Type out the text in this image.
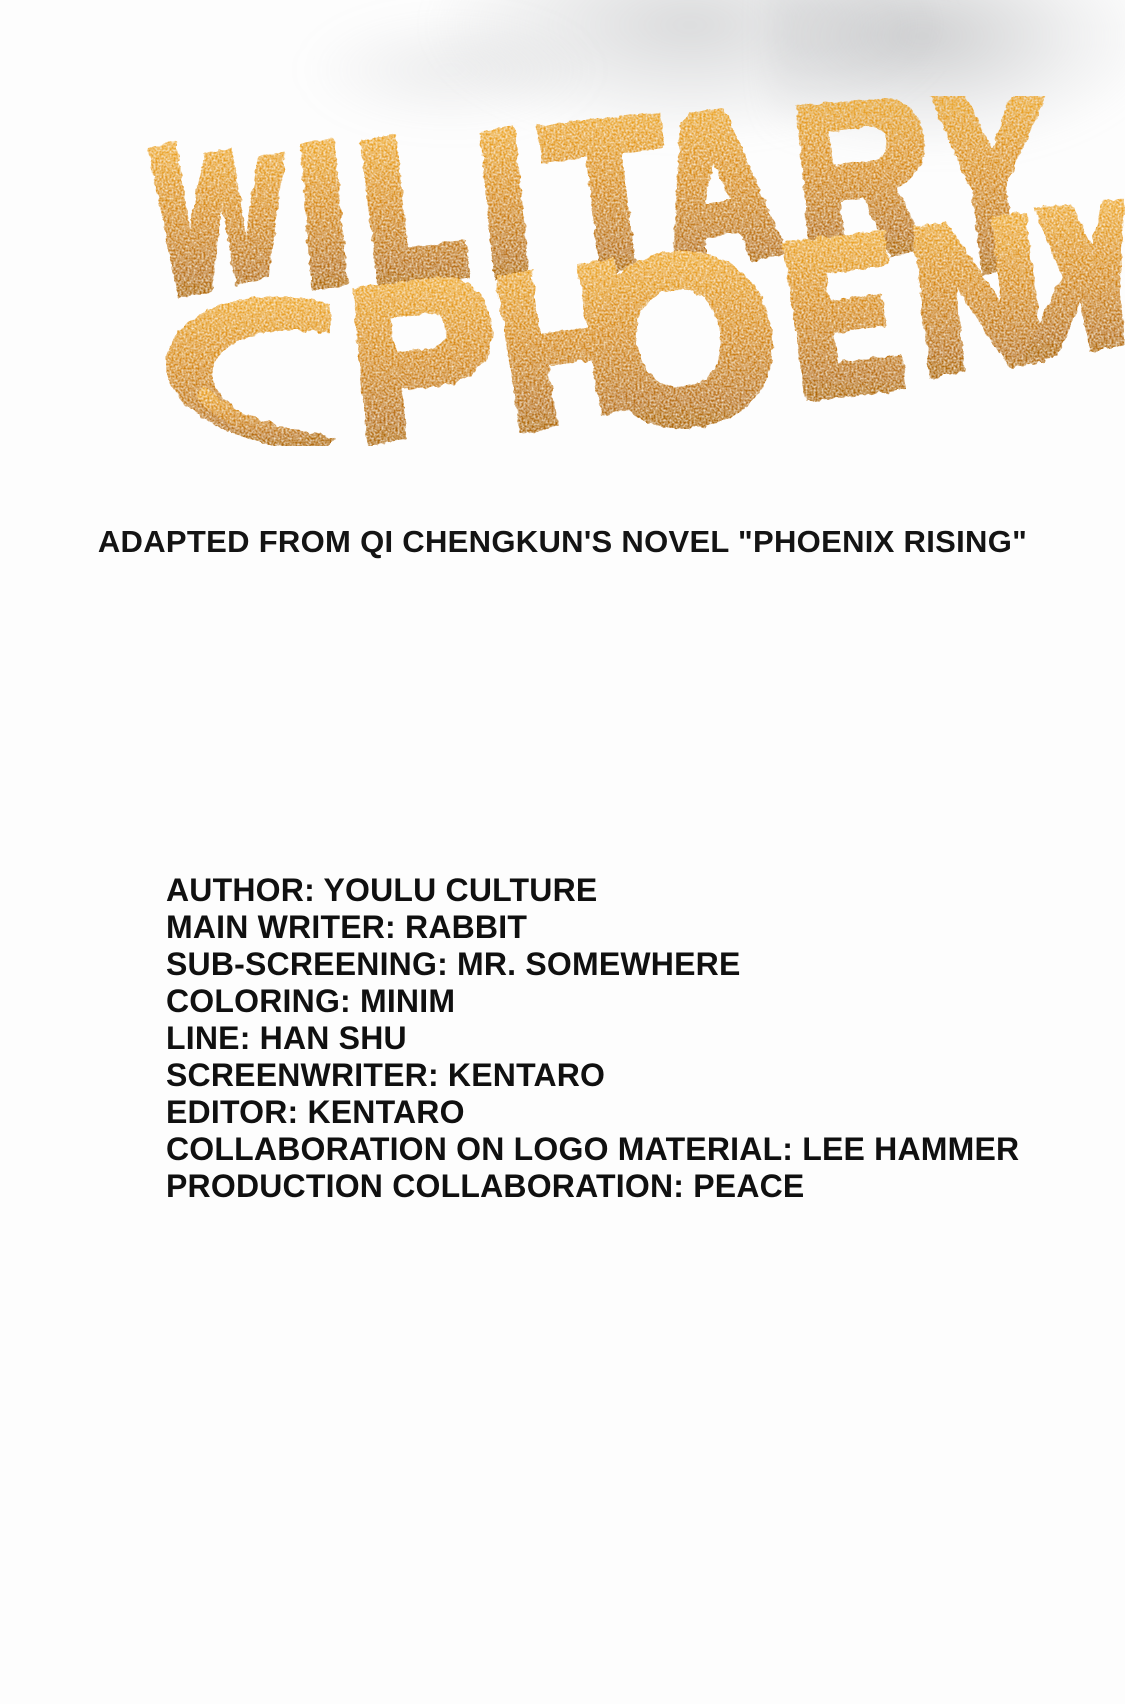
ADAPTED FROM QI CHENGKUN'S NOVEL "PHOENIX RISING"
AUTHOR: YOULU CULTURE
MAIN WRITER: RABBIT
SUB-SCREENING: MR. SOMEWHERE
COLORING: MINIM
LINE: HAN SHU
SCREENWRITER: KENTARO
EDITOR: KENTARO
COLLABORATION ON LOGO MATERIAL: LEE HAMMER
PRODUCTION COLLABORATION: PEACE
